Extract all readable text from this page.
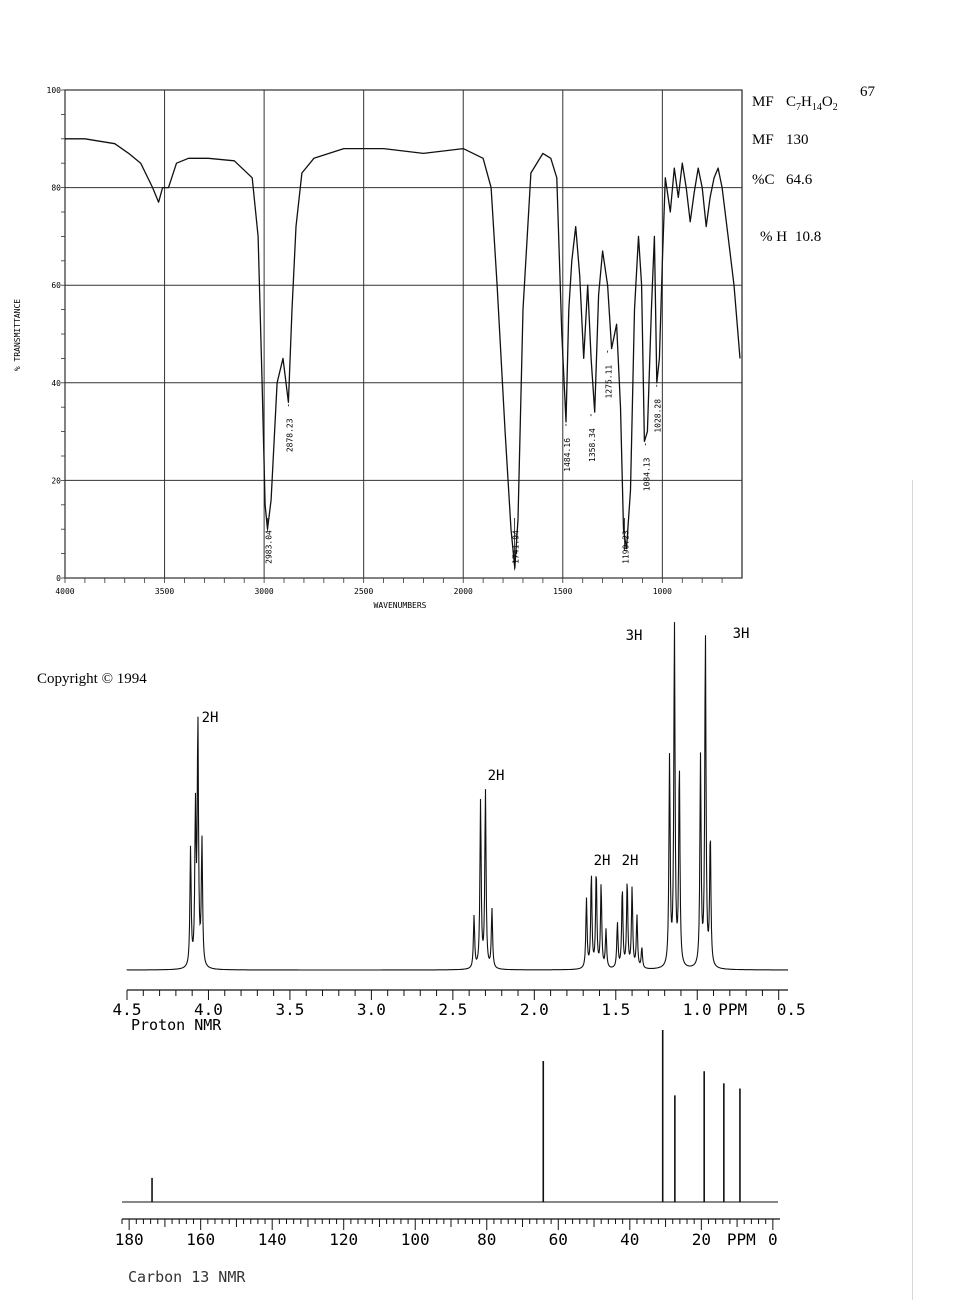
100
80
60
40
20
0
4000	3500	3000	2500	2000	1500	1000
WAVENUMBERS
% TRANSMITTANCE
2983.04
2878.23
1741.94
1484.16 1358.34
1275.11
1190.23
1084.13
1028.28
MF $C_7H_{14}O_2$
67
MF 130
%C 64.6
% H 10.8
Copyright © 1994
2H
2H
2H 2H
3H	3H
4.5	4.0	3.5	3.0	2.5	2.0	1.5	1.0 PPM 0.5
Proton NMR
180	160	140	120	100	80	60	40	20	0
PPM
Carbon 13 NMR
